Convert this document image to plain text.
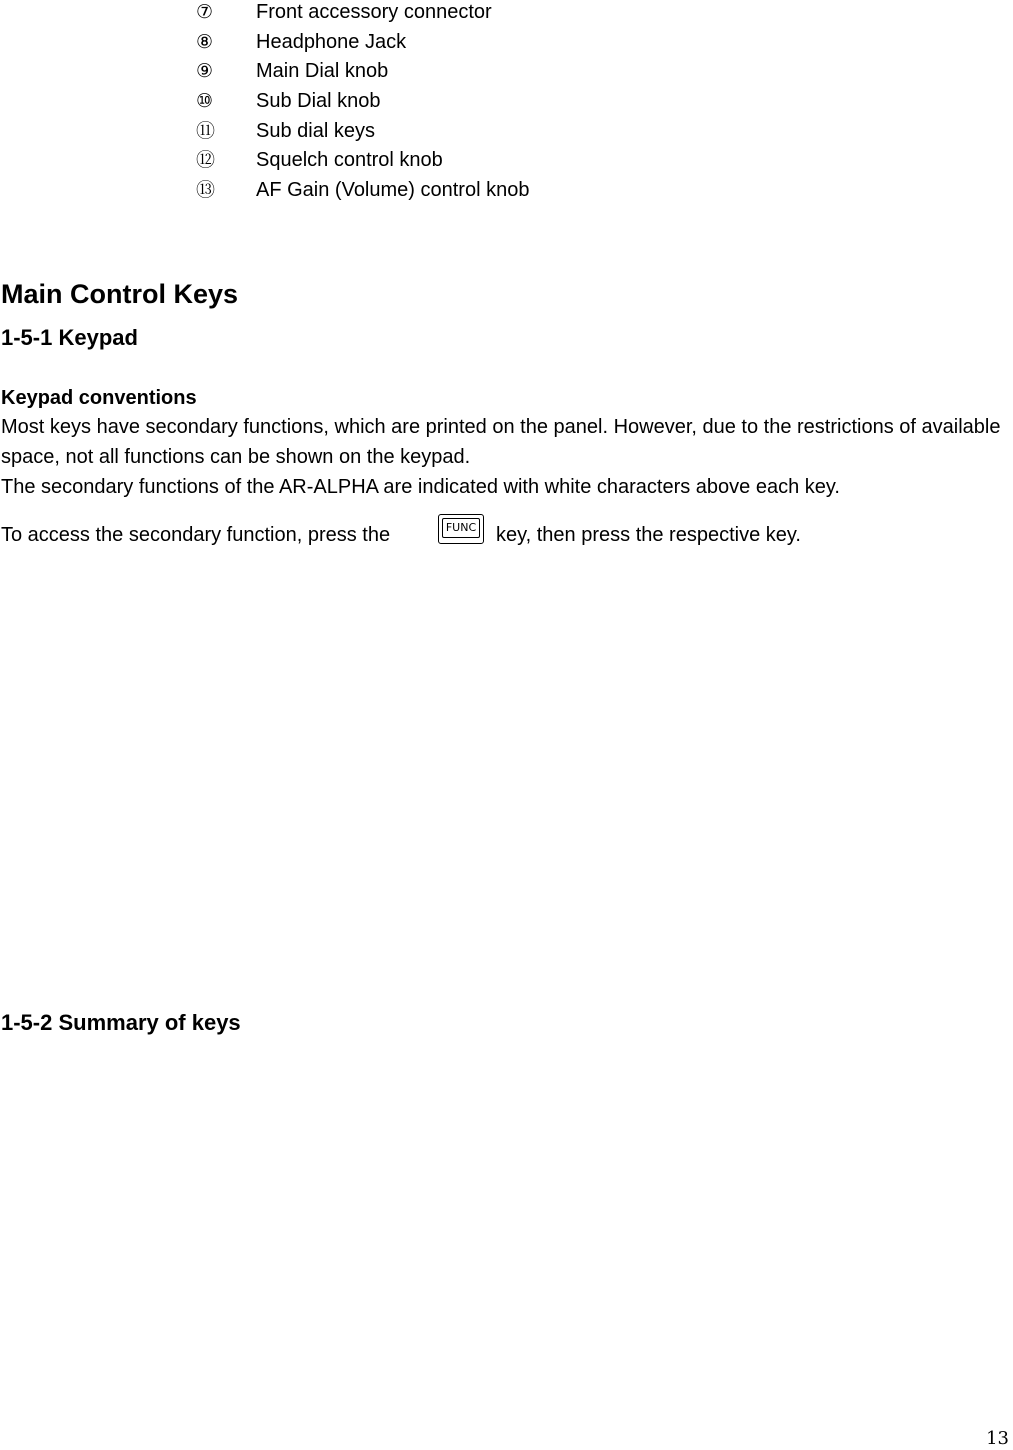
⑦ Front accessory connector
⑧ Headphone Jack
⑨ Main Dial knob
⑩ Sub Dial knob
⑪ Sub dial keys
⑫ Squelch control knob
⑬ AF Gain (Volume) control knob
Main Control Keys
1-5-1 Keypad
Keypad conventions
Most keys have secondary functions, which are printed on the panel. However, due to the restrictions of available space, not all functions can be shown on the keypad.
The secondary functions of the AR-ALPHA are indicated with white characters above each key.
To access the secondary function, press the	FUNC key, then press the respective key.
1-5-2 Summary of keys
13
